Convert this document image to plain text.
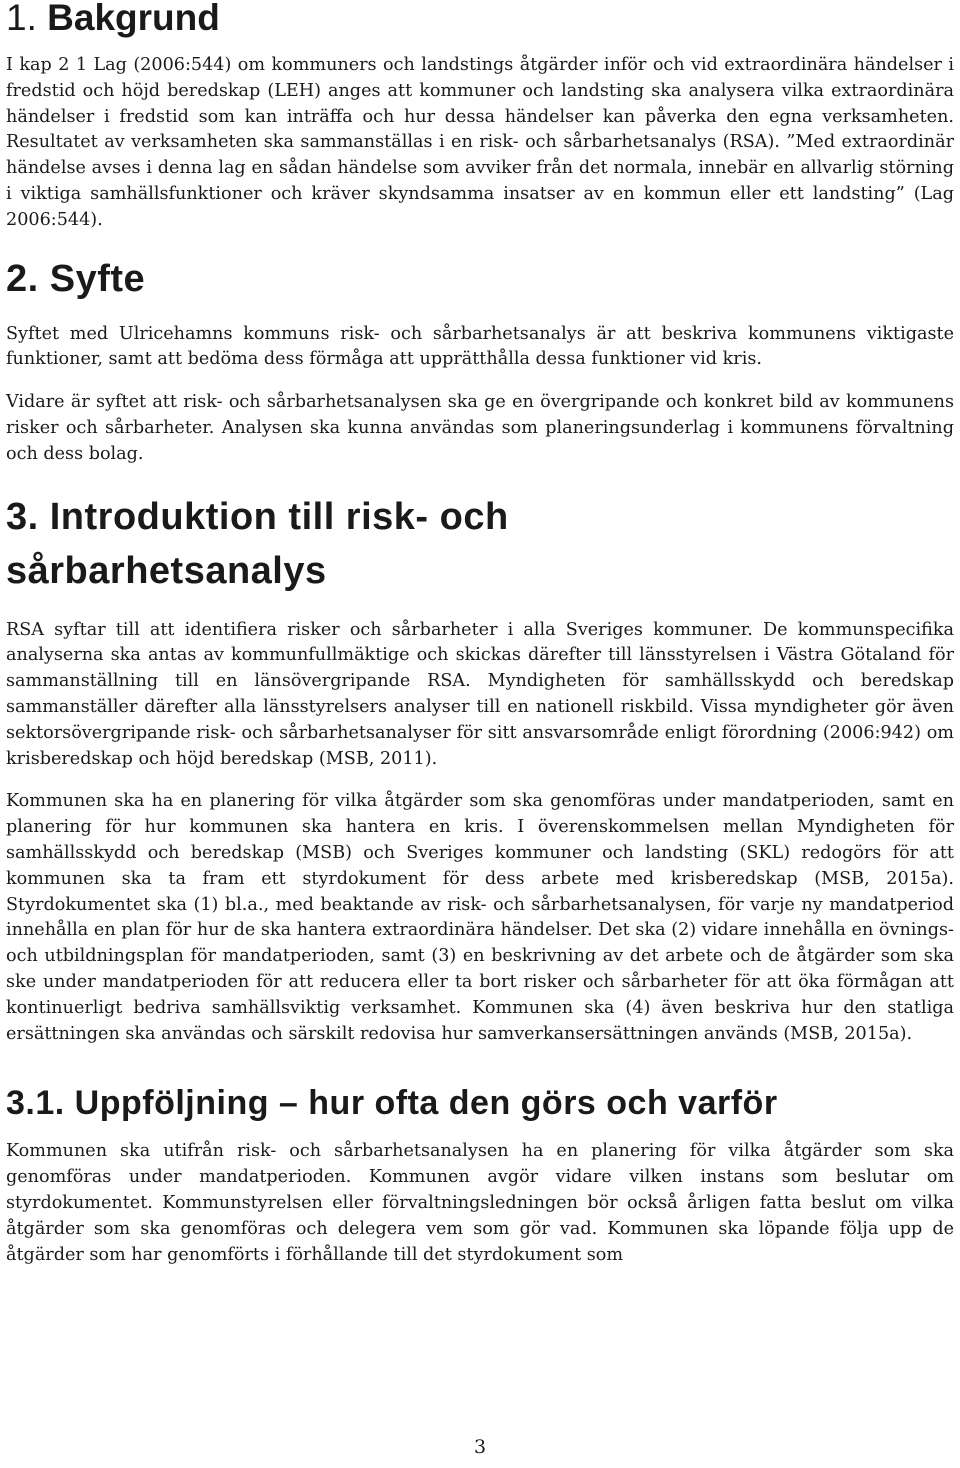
1. Bakgrund

I kap 2 1 Lag (2006:544) om kommuners och landstings åtgärder inför och vid extraordinära händelser i fredstid och höjd beredskap (LEH) anges att kommuner och landsting ska analysera vilka extraordinära händelser i fredstid som kan inträffa och hur dessa händelser kan påverka den egna verksamheten. Resultatet av verksamheten ska sammanställas i en risk- och sårbarhetsanalys (RSA). ”Med extraordinär händelse avses i denna lag en sådan händelse som avviker från det normala, innebär en allvarlig störning i viktiga samhällsfunktioner och kräver skyndsamma insatser av en kommun eller ett landsting” (Lag 2006:544).

2. Syfte

Syftet med Ulricehamns kommuns risk- och sårbarhetsanalys är att beskriva kommunens viktigaste funktioner, samt att bedöma dess förmåga att upprätthålla dessa funktioner vid kris.

Vidare är syftet att risk- och sårbarhetsanalysen ska ge en övergripande och konkret bild av kommunens risker och sårbarheter. Analysen ska kunna användas som planeringsunderlag i kommunens förvaltning och dess bolag.

3. Introduktion till risk- och
sårbarhetsanalys

RSA syftar till att identifiera risker och sårbarheter i alla Sveriges kommuner. De kommunspecifika analyserna ska antas av kommunfullmäktige och skickas därefter till länsstyrelsen i Västra Götaland för sammanställning till en länsövergripande RSA. Myndigheten för samhällsskydd och beredskap sammanställer därefter alla länsstyrelsers analyser till en nationell riskbild. Vissa myndigheter gör även sektorsövergripande risk- och sårbarhetsanalyser för sitt ansvarsområde enligt förordning (2006:942) om krisberedskap och höjd beredskap (MSB, 2011).

Kommunen ska ha en planering för vilka åtgärder som ska genomföras under mandatperioden, samt en planering för hur kommunen ska hantera en kris. I överenskommelsen mellan Myndigheten för samhällsskydd och beredskap (MSB) och Sveriges kommuner och landsting (SKL) redogörs för att kommunen ska ta fram ett styrdokument för dess arbete med krisberedskap (MSB, 2015a). Styrdokumentet ska (1) bl.a., med beaktande av risk- och sårbarhetsanalysen, för varje ny mandatperiod innehålla en plan för hur de ska hantera extraordinära händelser. Det ska (2) vidare innehålla en övnings- och utbildningsplan för mandatperioden, samt (3) en beskrivning av det arbete och de åtgärder som ska ske under mandatperioden för att reducera eller ta bort risker och sårbarheter för att öka förmågan att kontinuerligt bedriva samhällsviktig verksamhet. Kommunen ska (4) även beskriva hur den statliga ersättningen ska användas och särskilt redovisa hur samverkansersättningen används (MSB, 2015a).

3.1. Uppföljning – hur ofta den görs och varför

Kommunen ska utifrån risk- och sårbarhetsanalysen ha en planering för vilka åtgärder som ska genomföras under mandatperioden. Kommunen avgör vidare vilken instans som beslutar om styrdokumentet. Kommunstyrelsen eller förvaltningsledningen bör också årligen fatta beslut om vilka åtgärder som ska genomföras och delegera vem som gör vad. Kommunen ska löpande följa upp de åtgärder som har genomförts i förhållande till det styrdokument som

3
